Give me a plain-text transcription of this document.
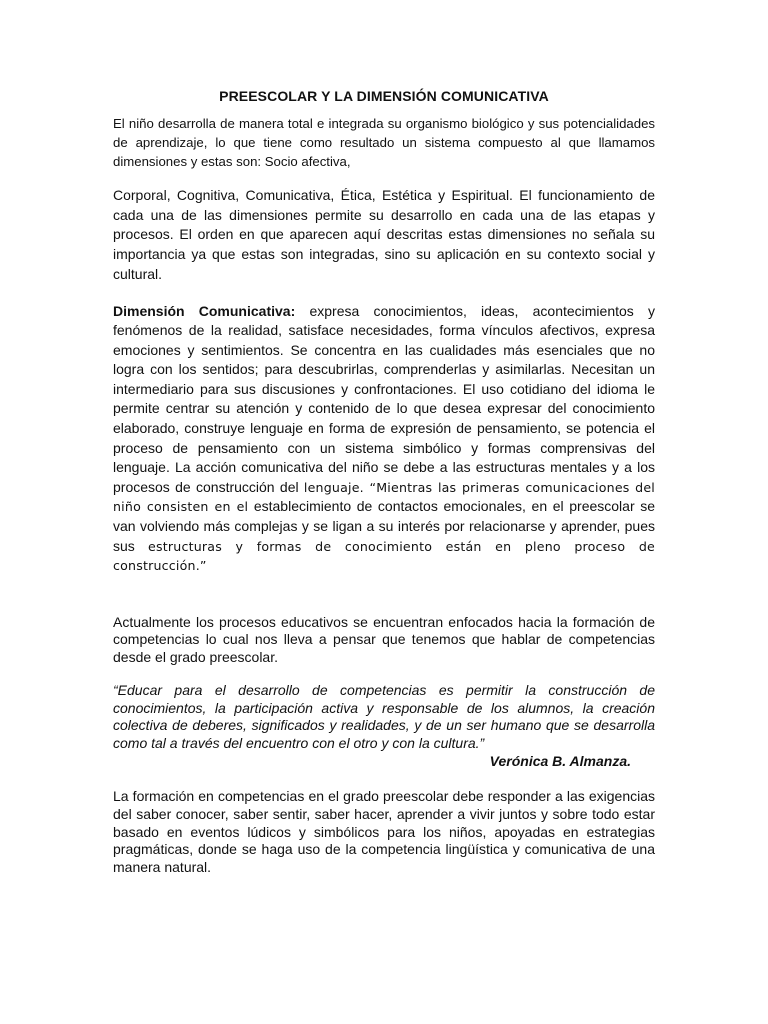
PREESCOLAR Y LA DIMENSIÓN COMUNICATIVA

El niño desarrolla de manera total e integrada su organismo biológico y sus potencialidades de aprendizaje, lo que tiene como resultado un sistema compuesto al que llamamos dimensiones y estas son: Socio afectiva,

Corporal, Cognitiva, Comunicativa, Ética, Estética y Espiritual. El funcionamiento de cada una de las dimensiones permite su desarrollo en cada una de las etapas y procesos. El orden en que aparecen aquí descritas estas dimensiones no señala su importancia ya que estas son integradas, sino su aplicación en su contexto social y cultural.

Dimensión Comunicativa: expresa conocimientos, ideas, acontecimientos y fenómenos de la realidad, satisface necesidades, forma vínculos afectivos, expresa emociones y sentimientos. Se concentra en las cualidades más esenciales que no logra con los sentidos; para descubrirlas, comprenderlas y asimilarlas. Necesitan un intermediario para sus discusiones y confrontaciones. El uso cotidiano del idioma le permite centrar su atención y contenido de lo que desea expresar del conocimiento elaborado, construye lenguaje en forma de expresión de pensamiento, se potencia el proceso de pensamiento con un sistema simbólico y formas comprensivas del lenguaje. La acción comunicativa del niño se debe a las estructuras mentales y a los procesos de construcción del lenguaje. “Mientras las primeras comunicaciones del niño consisten en el establecimiento de contactos emocionales, en el preescolar se van volviendo más complejas y se ligan a su interés por relacionarse y aprender, pues sus estructuras y formas de conocimiento están en pleno proceso de construcción.”

Actualmente los procesos educativos se encuentran enfocados hacia la formación de competencias lo cual nos lleva a pensar que tenemos que hablar de competencias desde el grado preescolar.

“Educar para el desarrollo de competencias es permitir la construcción de conocimientos, la participación activa y responsable de los alumnos, la creación colectiva de deberes, significados y realidades, y de un ser humano que se desarrolla como tal a través del encuentro con el otro y con la cultura.”

Verónica B. Almanza.

La formación en competencias en el grado preescolar debe responder a las exigencias del saber conocer, saber sentir, saber hacer, aprender a vivir juntos y sobre todo estar basado en eventos lúdicos y simbólicos para los niños, apoyadas en estrategias pragmáticas, donde se haga uso de la competencia lingüística y comunicativa de una manera natural.
